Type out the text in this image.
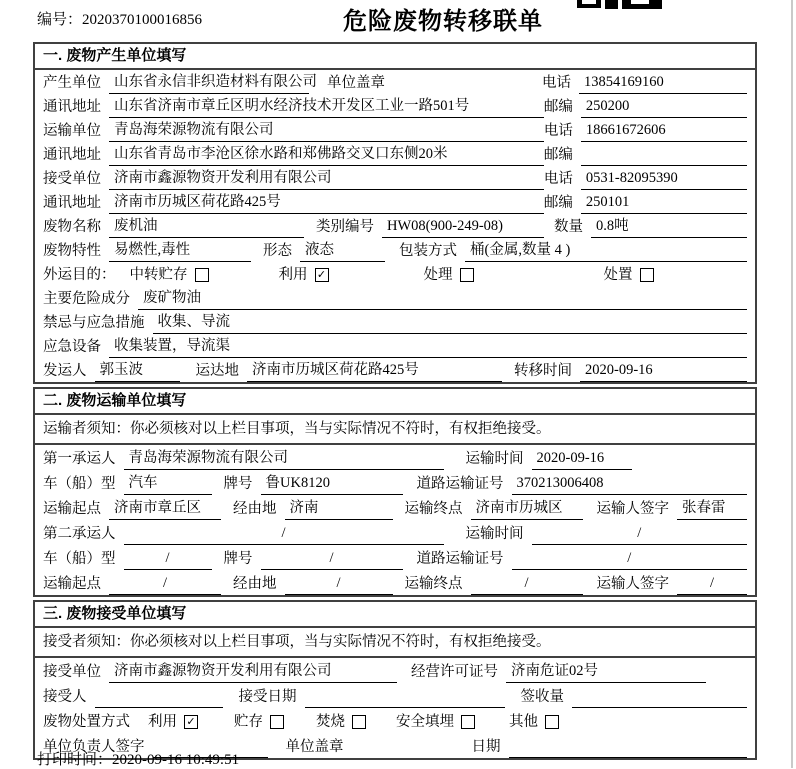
编号：2020370100016856	危险废物转移联单
一. 废物产生单位填写
产生单位 山东省永信非织造材料有限公司 单位盖章	电话 13854169160
通讯地址 山东省济南市章丘区明水经济技术开发区工业一路501号	邮编 250200
运输单位 青岛海荣源物流有限公司	电话 18661672606
通讯地址 山东省青岛市李沧区徐水路和郑佛路交叉口东侧20米	邮编
接受单位 济南市鑫源物资开发利用有限公司	电话 0531-82095390
通讯地址 济南市历城区荷花路425号	邮编 250101
废物名称 废机油	类别编号 HW08(900-249-08)	数量 0.8吨
废物特性 易燃性,毒性	形态 液态	包装方式 桶(金属,数量 4 )
外运目的： 中转贮存	利用 ✓	处理	处置
主要危险成分 废矿物油
禁忌与应急措施 收集、导流
应急设备 收集装置，导流渠
发运人 郭玉波	运达地 济南市历城区荷花路425号	转移时间 2020-09-16
二. 废物运输单位填写
运输者须知：你必须核对以上栏目事项，当与实际情况不符时，有权拒绝接受。
第一承运人 青岛海荣源物流有限公司	运输时间 2020-09-16
车（船）型 汽车	牌号 鲁UK8120	道路运输证号 370213006408
运输起点 济南市章丘区	经由地 济南	运输终点 济南市历城区	运输人签字 张春雷
第二承运人	/	运输时间	/
车（船）型	/	牌号	/	道路运输证号	/
运输起点	/	经由地	/	运输终点	/	运输人签字	/
三. 废物接受单位填写
接受者须知：你必须核对以上栏目事项，当与实际情况不符时，有权拒绝接受。
接受单位 济南市鑫源物资开发利用有限公司	经营许可证号 济南危证02号
接受人	接受日期	签收量
废物处置方式 利用 ✓	贮存	焚烧	安全填埋	其他
单位负责人签字	单位盖章	日期
打印时间：2020-09-16 10:49:51
